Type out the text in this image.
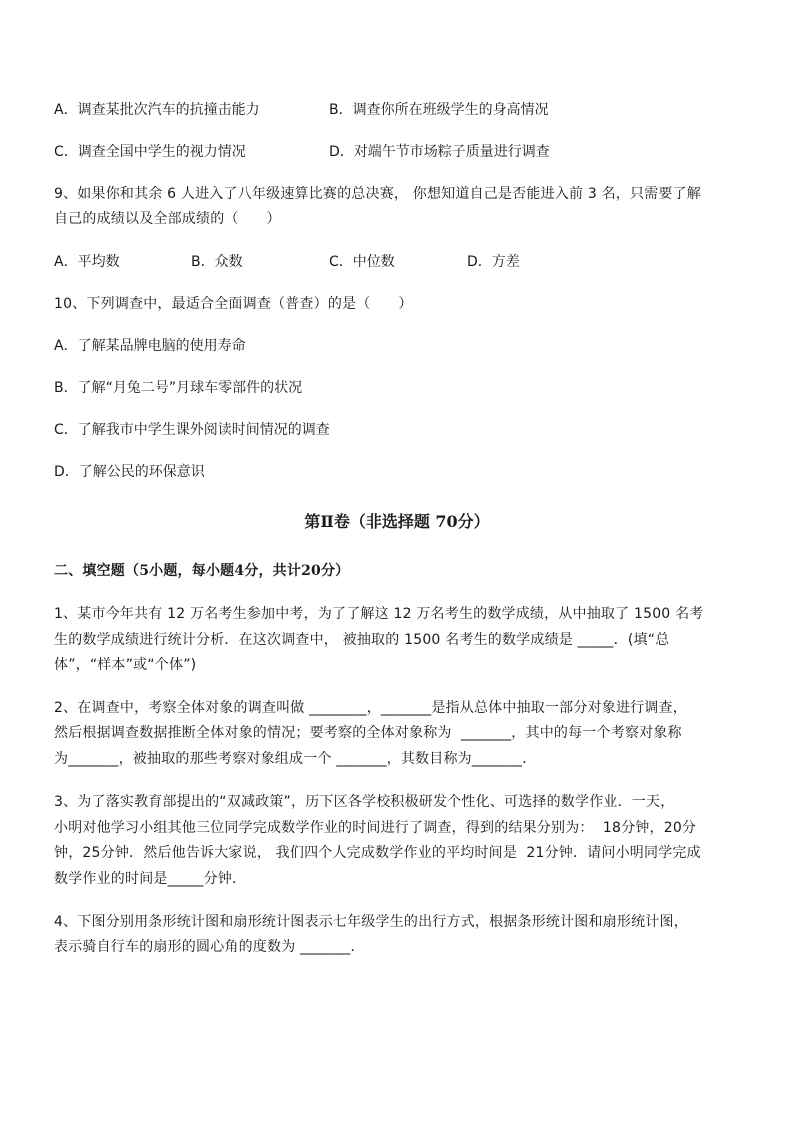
A．调查某批次汽车的抗撞击能力	B．调查你所在班级学生的身高情况
C．调查全国中学生的视力情况	D．对端午节市场粽子质量进行调查
9、如果你和其余 6 人进入了八年级速算比赛的总决赛， 你想知道自己是否能进入前 3 名，只需要了解
自己的成绩以及全部成绩的（      ）
A．平均数	B．众数	C．中位数	D．方差
10、下列调查中，最适合全面调查（普查）的是（      ）
A．了解某品牌电脑的使用寿命
B．了解“月兔二号”月球车零部件的状况
C．了解我市中学生课外阅读时间情况的调查
D．了解公民的环保意识
第Ⅱ卷（非选择题 70分）
二、填空题（5小题，每小题4分，共计20分）
1、某市今年共有 12 万名考生参加中考，为了了解这 12 万名考生的数学成绩，从中抽取了 1500 名考
生的数学成绩进行统计分析．在这次调查中， 被抽取的 1500 名考生的数学成绩是 _____．(填“总
体”，“样本”或“个体”)
2、在调查中，考察全体对象的调查叫做 ________，_______是指从总体中抽取一部分对象进行调查，
然后根据调查数据推断全体对象的情况；要考察的全体对象称为  _______，其中的每一个考察对象称
为_______，被抽取的那些考察对象组成一个 _______，其数目称为_______．
3、为了落实教育部提出的“双减政策”，历下区各学校积极研发个性化、可选择的数学作业．一天，
小明对他学习小组其他三位同学完成数学作业的时间进行了调查，得到的结果分别为：  18分钟，20分
钟，25分钟．然后他告诉大家说， 我们四个人完成数学作业的平均时间是  21分钟．请问小明同学完成
数学作业的时间是_____分钟．
4、下图分别用条形统计图和扇形统计图表示七年级学生的出行方式，根据条形统计图和扇形统计图，
表示骑自行车的扇形的圆心角的度数为 _______．
